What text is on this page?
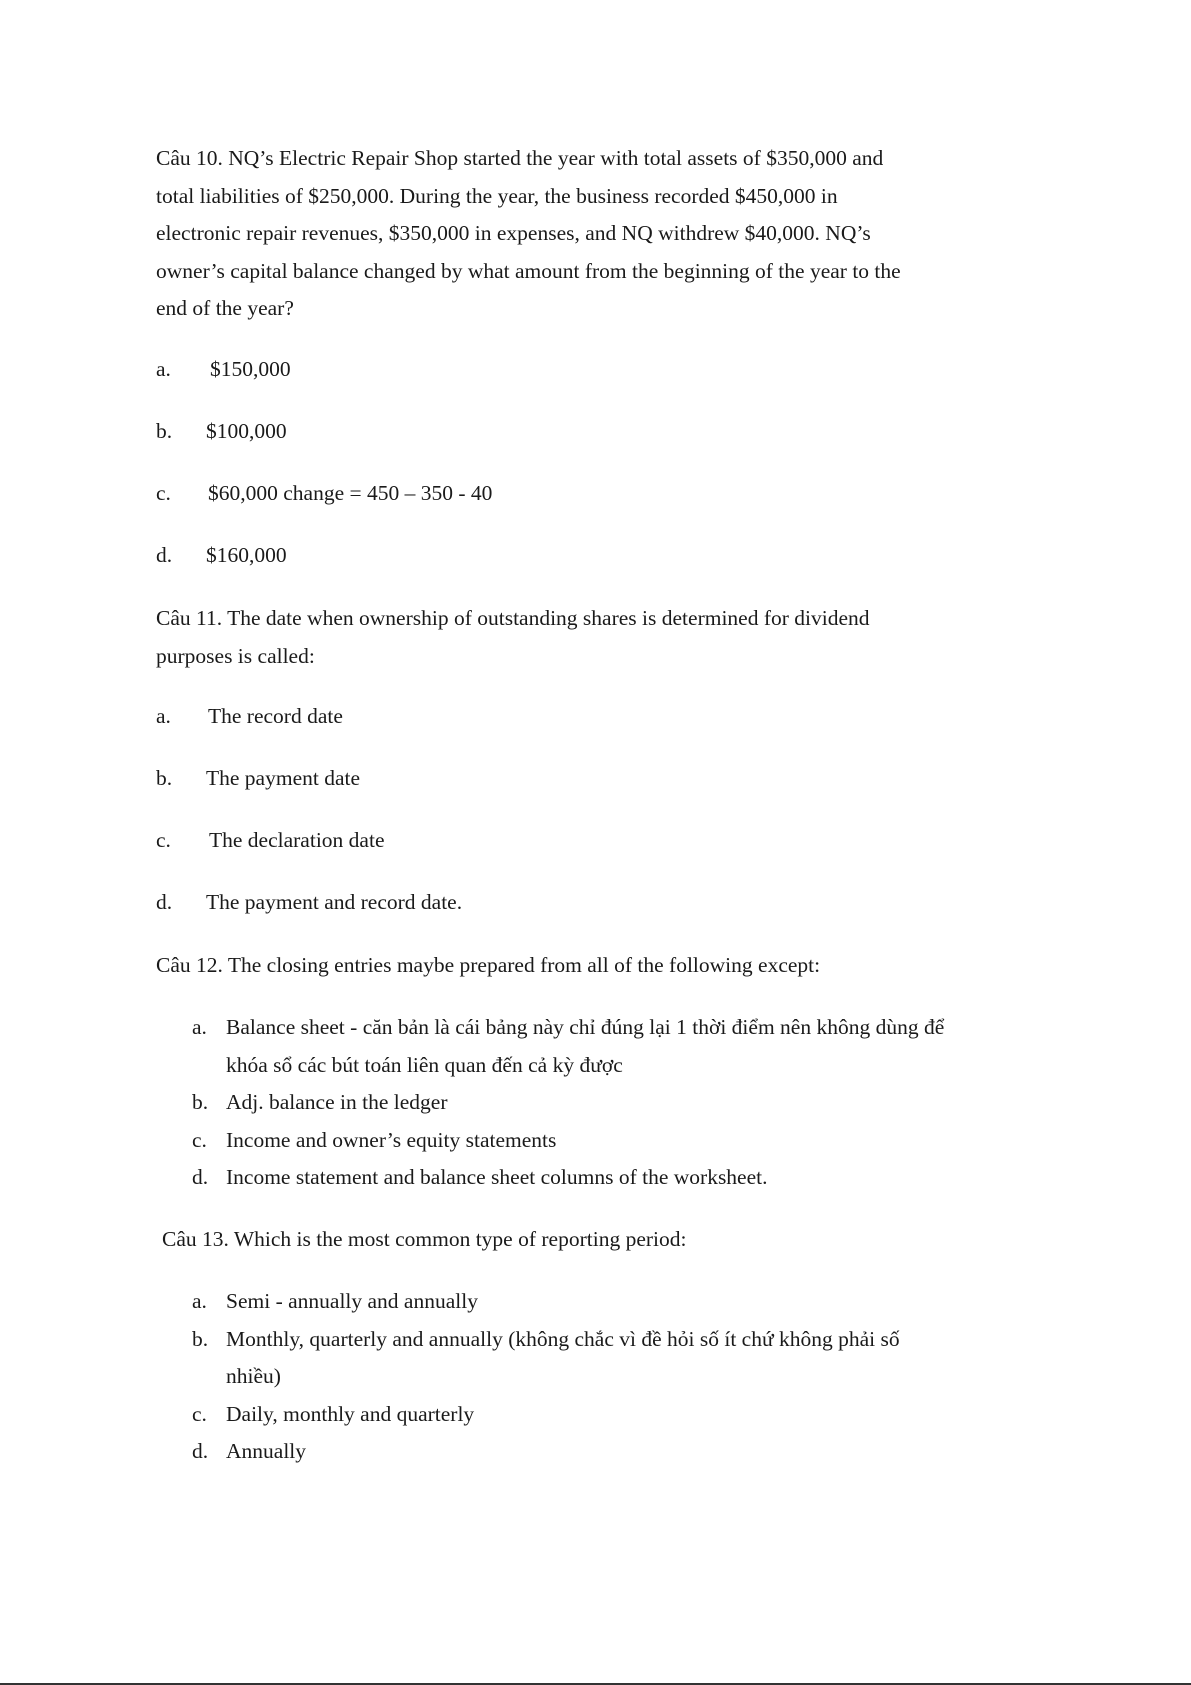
Câu 10. NQ’s Electric Repair Shop started the year with total assets of $350,000 and total liabilities of $250,000. During the year, the business recorded $450,000 in electronic repair revenues, $350,000 in expenses, and NQ withdrew $40,000. NQ’s owner’s capital balance changed by what amount from the beginning of the year to the end of the year?

a. $150,000
b. $100,000
c. $60,000 change = 450 – 350 - 40
d. $160,000

Câu 11. The date when ownership of outstanding shares is determined for dividend purposes is called:

a. The record date
b. The payment date
c. The declaration date
d. The payment and record date.

Câu 12. The closing entries maybe prepared from all of the following except:

a. Balance sheet - căn bản là cái bảng này chỉ đúng lại 1 thời điểm nên không dùng để khóa sổ các bút toán liên quan đến cả kỳ được
b. Adj. balance in the ledger
c. Income and owner’s equity statements
d. Income statement and balance sheet columns of the worksheet.

Câu 13. Which is the most common type of reporting period:

a. Semi - annually and annually
b. Monthly, quarterly and annually (không chắc vì đề hỏi số ít chứ không phải số nhiều)
c. Daily, monthly and quarterly
d. Annually
